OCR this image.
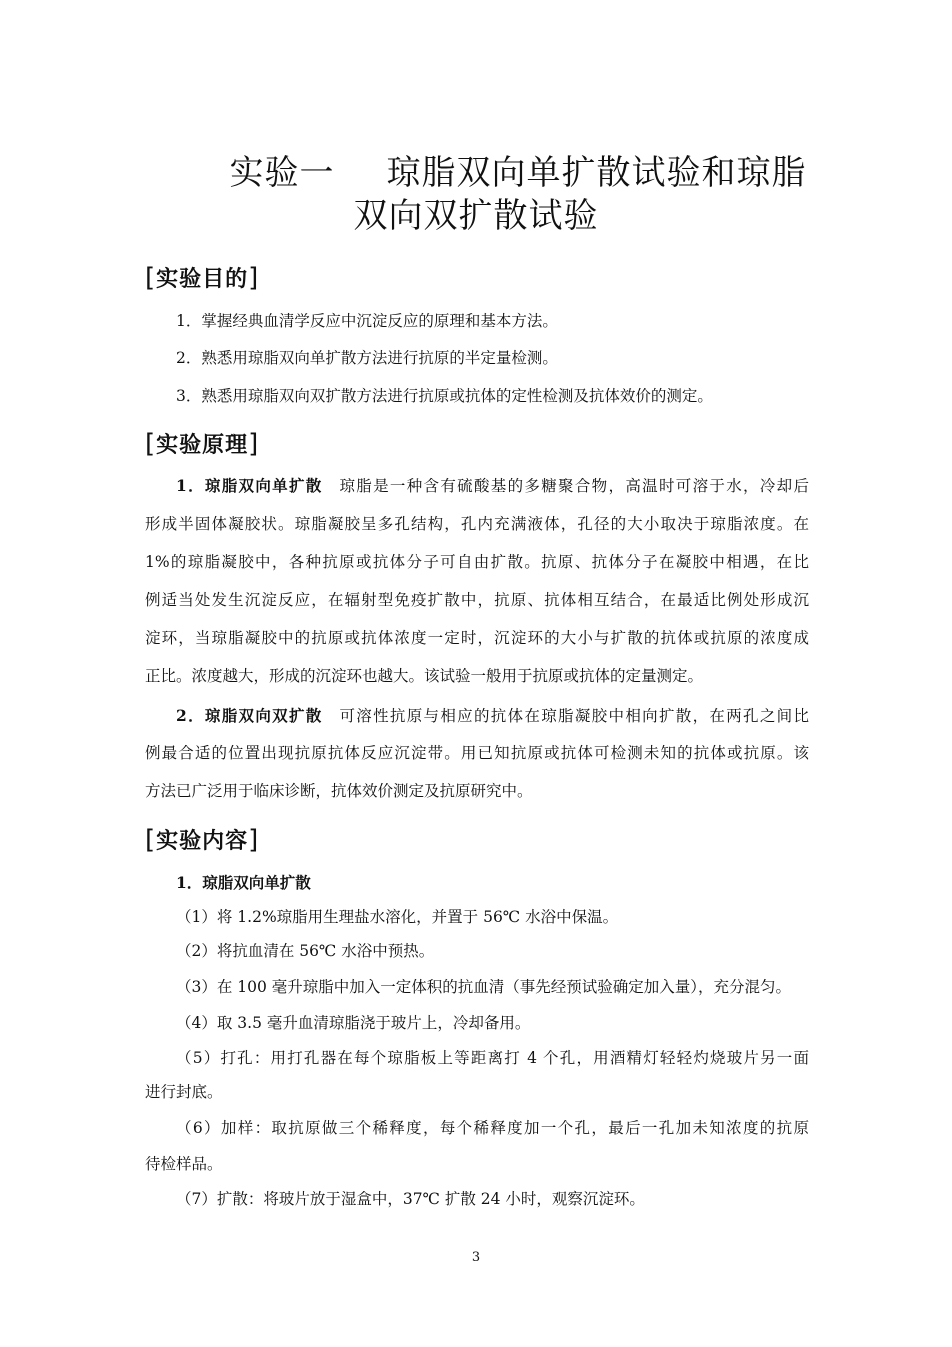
实验一 琼脂双向单扩散试验和琼脂
双向双扩散试验
[实验目的]
1．掌握经典血清学反应中沉淀反应的原理和基本方法。
2．熟悉用琼脂双向单扩散方法进行抗原的半定量检测。
3．熟悉用琼脂双向双扩散方法进行抗原或抗体的定性检测及抗体效价的测定。
[实验原理]
1．琼脂双向单扩散　 琼脂是一种含有硫酸基的多糖聚合物，高温时可溶于水，冷却后
形成半固体凝胶状。琼脂凝胶呈多孔结构，孔内充满液体，孔径的大小取决于琼脂浓度。在
1%的琼脂凝胶中，各种抗原或抗体分子可自由扩散。抗原、抗体分子在凝胶中相遇，在比
例适当处发生沉淀反应，在辐射型免疫扩散中，抗原、抗体相互结合，在最适比例处形成沉
淀环，当琼脂凝胶中的抗原或抗体浓度一定时，沉淀环的大小与扩散的抗体或抗原的浓度成
正比。浓度越大，形成的沉淀环也越大。该试验一般用于抗原或抗体的定量测定。
2．琼脂双向双扩散　 可溶性抗原与相应的抗体在琼脂凝胶中相向扩散，在两孔之间比
例最合适的位置出现抗原抗体反应沉淀带。用已知抗原或抗体可检测未知的抗体或抗原。该
方法已广泛用于临床诊断，抗体效价测定及抗原研究中。
[实验内容]
1．琼脂双向单扩散
（1）将 1.2%琼脂用生理盐水溶化，并置于 56℃ 水浴中保温。
（2）将抗血清在 56℃ 水浴中预热。
（3）在 100 毫升琼脂中加入一定体积的抗血清（事先经预试验确定加入量），充分混匀。
（4）取 3.5 毫升血清琼脂浇于玻片上，冷却备用。
（5）打孔：用打孔器在每个琼脂板上等距离打 4 个孔，用酒精灯轻轻灼烧玻片另一面
进行封底。
（6）加样：取抗原做三个稀释度，每个稀释度加一个孔，最后一孔加未知浓度的抗原
待检样品。
（7）扩散：将玻片放于湿盒中，37℃ 扩散 24 小时，观察沉淀环。
3
